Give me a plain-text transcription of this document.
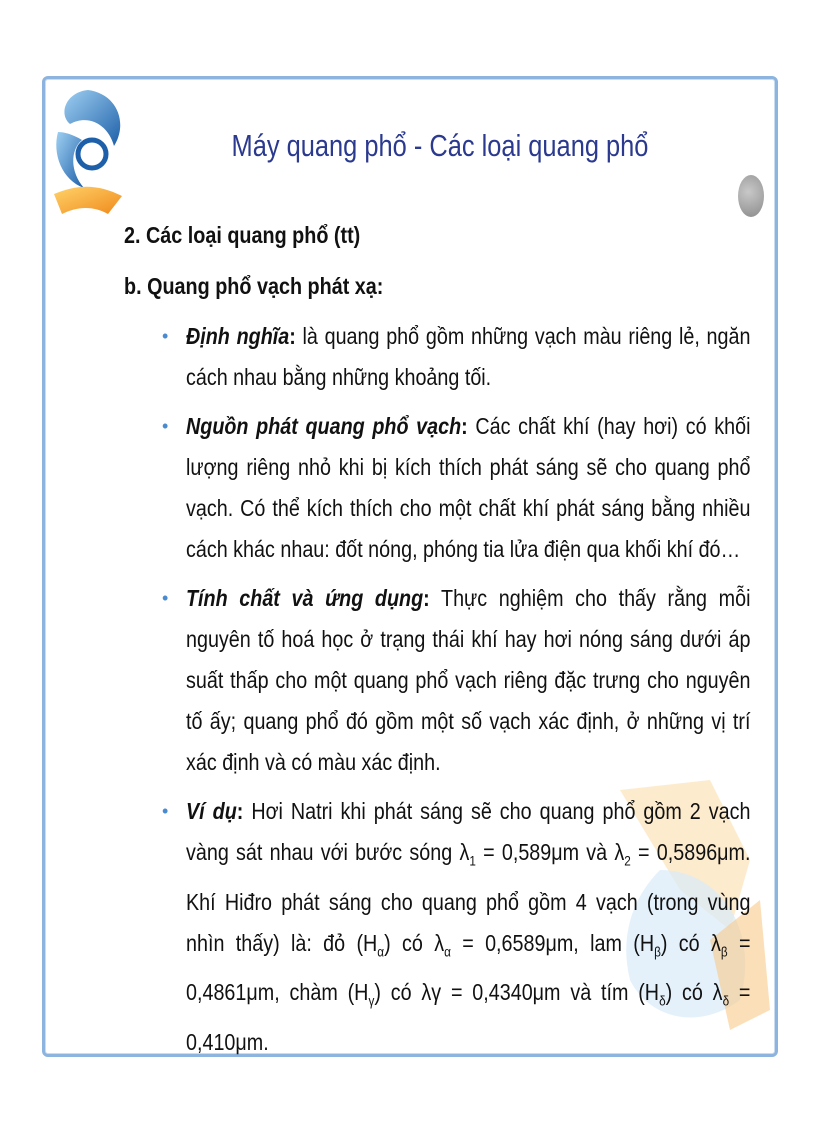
Máy quang phổ - Các loại quang phổ
2. Các loại quang phổ (tt)
b. Quang phổ vạch phát xạ:
• Định nghĩa: là quang phổ gồm những vạch màu riêng lẻ, ngăn cách nhau bằng những khoảng tối.
• Nguồn phát quang phổ vạch: Các chất khí (hay hơi) có khối lượng riêng nhỏ khi bị kích thích phát sáng sẽ cho quang phổ vạch. Có thể kích thích cho một chất khí phát sáng bằng nhiều cách khác nhau: đốt nóng, phóng tia lửa điện qua khối khí đó…
• Tính chất và ứng dụng: Thực nghiệm cho thấy rằng mỗi nguyên tố hoá học ở trạng thái khí hay hơi nóng sáng dưới áp suất thấp cho một quang phổ vạch riêng đặc trưng cho nguyên tố ấy; quang phổ đó gồm một số vạch xác định, ở những vị trí xác định và có màu xác định.
• Ví dụ: Hơi Natri khi phát sáng sẽ cho quang phổ gồm 2 vạch vàng sát nhau với bước sóng $\lambda_1 = 0,589\mu m$ và $\lambda_2 = 0,5896\mu m$. Khí Hiđro phát sáng cho quang phổ gồm 4 vạch (trong vùng nhìn thấy) là: đỏ $(H_\alpha)$ có $\lambda_\alpha = 0,6589\mu m$, lam $(H_\beta)$ có $\lambda_\beta = 0,4861\mu m$, chàm $(H_\gamma)$ có λγ = 0,4340μm và tím $(H_\delta)$ có $\lambda_\delta = 0,410\mu m$.
